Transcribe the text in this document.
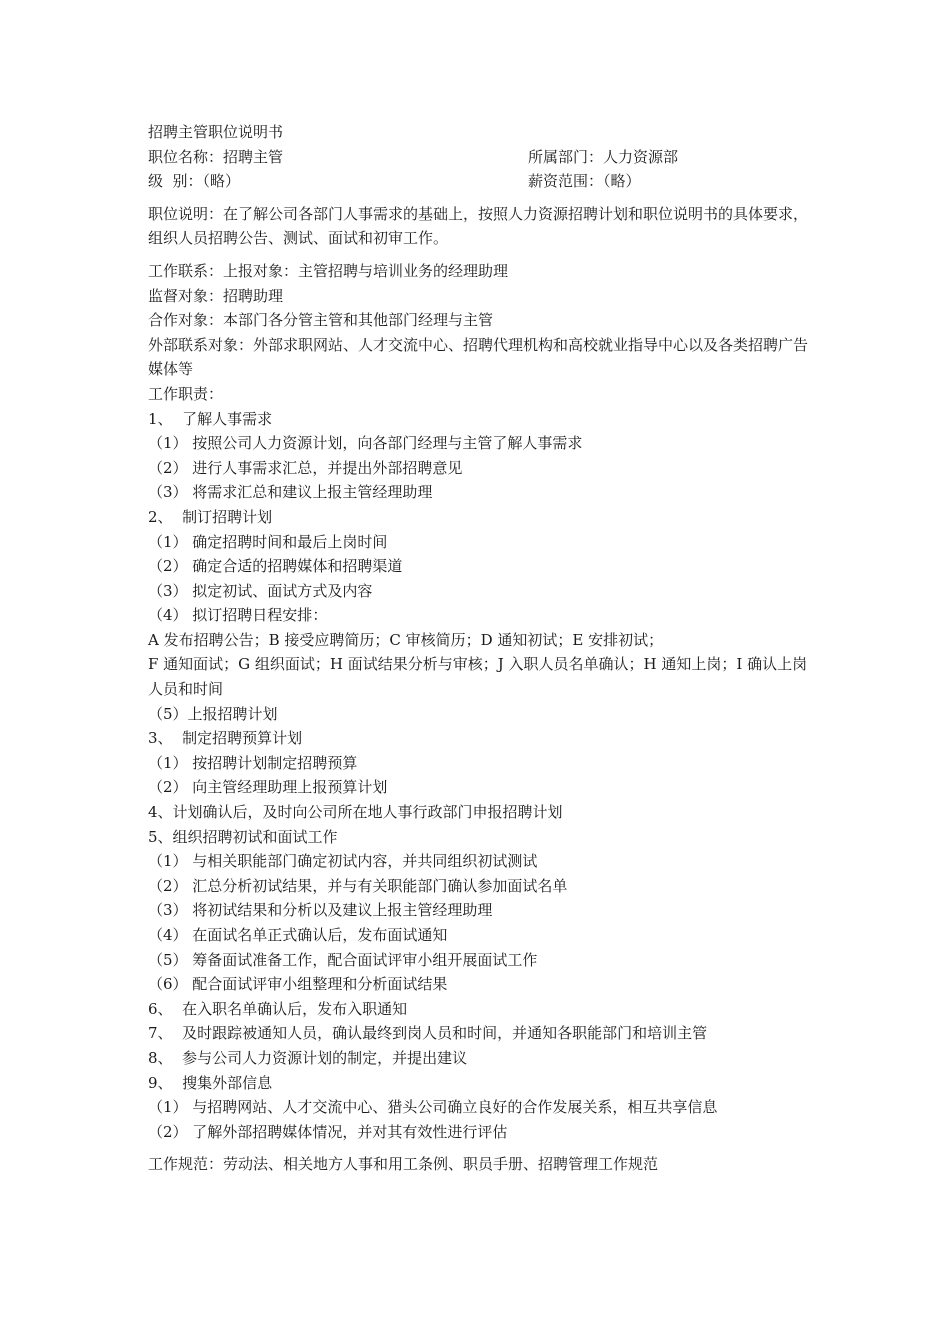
招聘主管职位说明书
职位名称：招聘主管	所属部门：人力资源部
级  别：（略）	薪资范围：（略）
职位说明：在了解公司各部门人事需求的基础上，按照人力资源招聘计划和职位说明书的具体要求，组织人员招聘公告、测试、面试和初审工作。
工作联系：上报对象：主管招聘与培训业务的经理助理
监督对象：招聘助理
合作对象：本部门各分管主管和其他部门经理与主管
外部联系对象：外部求职网站、人才交流中心、招聘代理机构和高校就业指导中心以及各类招聘广告媒体等
工作职责：
1、  了解人事需求
（1） 按照公司人力资源计划，向各部门经理与主管了解人事需求
（2） 进行人事需求汇总，并提出外部招聘意见
（3） 将需求汇总和建议上报主管经理助理
2、  制订招聘计划
（1） 确定招聘时间和最后上岗时间
（2） 确定合适的招聘媒体和招聘渠道
（3） 拟定初试、面试方式及内容
（4） 拟订招聘日程安排：
A 发布招聘公告；B 接受应聘简历；C 审核简历；D 通知初试；E 安排初试；
F 通知面试；G 组织面试；H 面试结果分析与审核；J 入职人员名单确认；H 通知上岗；I 确认上岗人员和时间
（5）上报招聘计划
3、  制定招聘预算计划
（1） 按招聘计划制定招聘预算
（2） 向主管经理助理上报预算计划
4、计划确认后，及时向公司所在地人事行政部门申报招聘计划
5、组织招聘初试和面试工作
（1） 与相关职能部门确定初试内容，并共同组织初试测试
（2） 汇总分析初试结果，并与有关职能部门确认参加面试名单
（3） 将初试结果和分析以及建议上报主管经理助理
（4） 在面试名单正式确认后，发布面试通知
（5） 筹备面试准备工作，配合面试评审小组开展面试工作
（6） 配合面试评审小组整理和分析面试结果
6、  在入职名单确认后，发布入职通知
7、  及时跟踪被通知人员，确认最终到岗人员和时间，并通知各职能部门和培训主管
8、  参与公司人力资源计划的制定，并提出建议
9、  搜集外部信息
（1） 与招聘网站、人才交流中心、猎头公司确立良好的合作发展关系，相互共享信息
（2） 了解外部招聘媒体情况，并对其有效性进行评估
工作规范：劳动法、相关地方人事和用工条例、职员手册、招聘管理工作规范
